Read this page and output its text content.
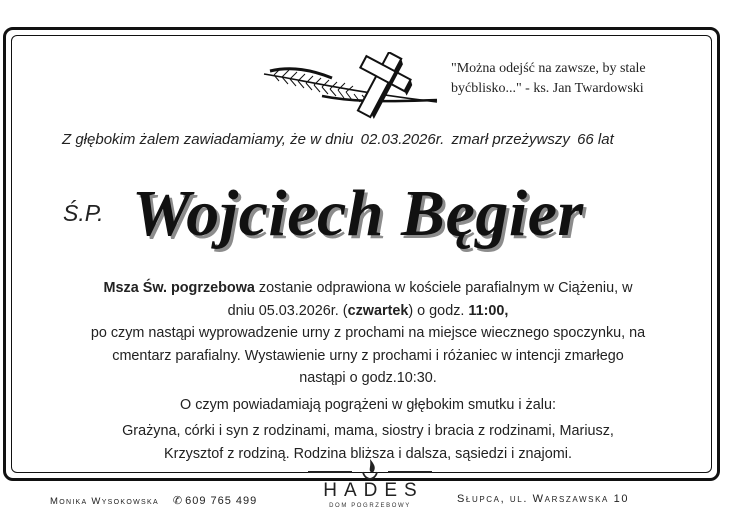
"Można odejść na zawsze, by stale
byćblisko..." - ks. Jan Twardowski
Z głębokim żalem zawiadamiamy, że w dniu 02.03.2026r. zmarł przeżywszy 66 lat
Ś.P. Wojciech Bęgier

Msza Św. pogrzebowa zostanie odprawiona w kościele parafialnym w Ciążeniu, w

dniu 05.03.2026r. (czwartek) o godz. 11:00,

po czym nastąpi wyprowadzenie urny z prochami na miejsce wiecznego spoczynku, na

cmentarz parafialny. Wystawienie urny z prochami i różaniec w intencji zmarłego

nastąpi o godz.10:30.

O czym powiadamiają pogrążeni w głębokim smutku i żalu:

Grażyna, córki i syn z rodzinami, mama, siostry i bracia z rodzinami, Mariusz,

Krzysztof z rodziną. Rodzina bliższa i dalsza, sąsiedzi i znajomi.

Monika Wysokowska ✆ 609 765 499	Słupca, ul. Warszawska 10
HADES
DOM POGRZEBOWY
